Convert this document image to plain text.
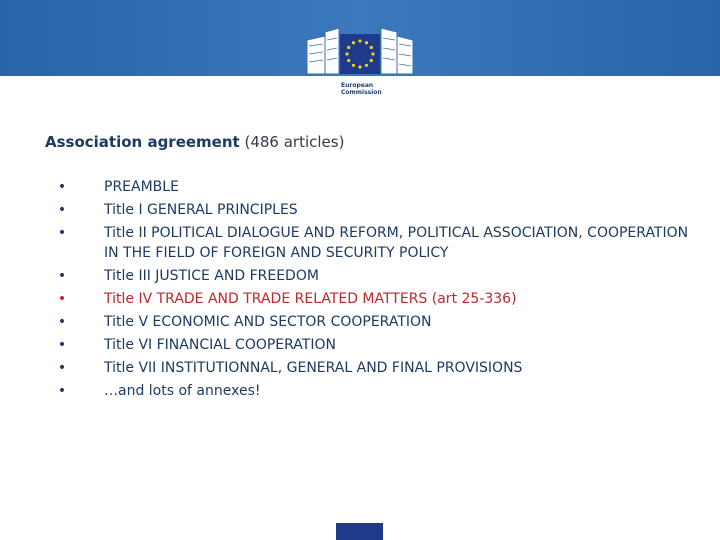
European
Commission
Association agreement (486 articles)
•	PREAMBLE
•	Title I GENERAL PRINCIPLES
•	Title II POLITICAL DIALOGUE AND REFORM, POLITICAL ASSOCIATION, COOPERATION IN THE FIELD OF FOREIGN AND SECURITY POLICY
•	Title III JUSTICE AND FREEDOM
•	Title IV TRADE AND TRADE RELATED MATTERS (art 25-336)
•	Title V ECONOMIC AND SECTOR COOPERATION
•	Title VI FINANCIAL COOPERATION
•	Title VII INSTITUTIONNAL, GENERAL AND FINAL PROVISIONS
•	…and lots of annexes!
